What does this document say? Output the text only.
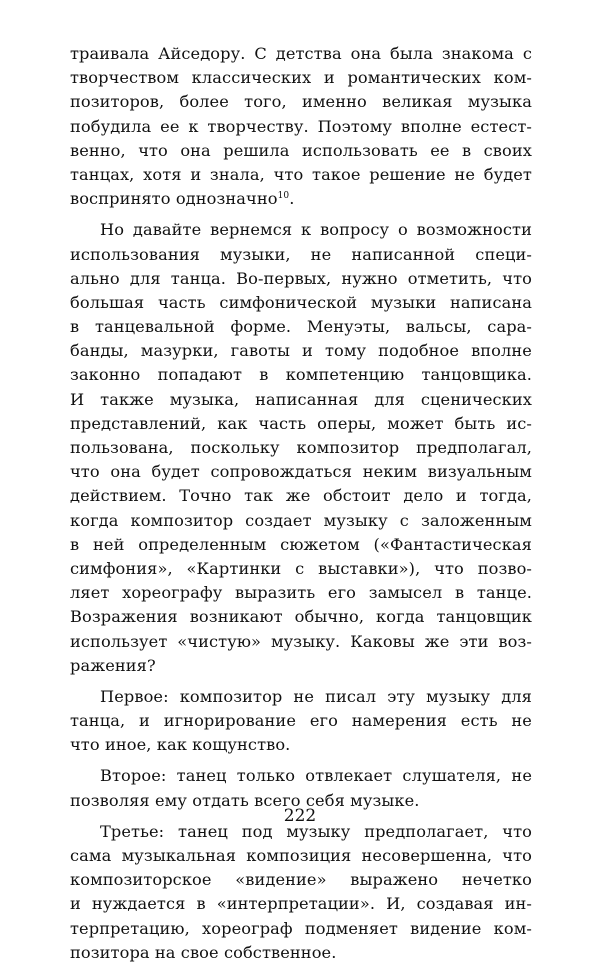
траивала Айседору. С детства она была знакома с
творчеством классических и романтических ком-
позиторов, более того, именно великая музыка
побудила ее к творчеству. Поэтому вполне естест-
венно, что она решила использовать ее в своих
танцах, хотя и знала, что такое решение не будет
воспринято однозначно$^{10}$.
Но давайте вернемся к вопросу о возможности
использования музыки, не написанной специ-
ально для танца. Во-первых, нужно отметить, что
большая часть симфонической музыки написана
в танцевальной форме. Менуэты, вальсы, сара-
банды, мазурки, гавоты и тому подобное вполне
законно попадают в компетенцию танцовщика.
И также музыка, написанная для сценических
представлений, как часть оперы, может быть ис-
пользована, поскольку композитор предполагал,
что она будет сопровождаться неким визуальным
действием. Точно так же обстоит дело и тогда,
когда композитор создает музыку с заложенным
в ней определенным сюжетом («Фантастическая
симфония», «Картинки с выставки»), что позво-
ляет хореографу выразить его замысел в танце.
Возражения возникают обычно, когда танцовщик
использует «чистую» музыку. Каковы же эти воз-
ражения?
Первое: композитор не писал эту музыку для
танца, и игнорирование его намерения есть не
что иное, как кощунство.
Второе: танец только отвлекает слушателя, не
позволяя ему отдать всего себя музыке.
Третье: танец под музыку предполагает, что
сама музыкальная композиция несовершенна, что
композиторское «видение» выражено нечетко
и нуждается в «интерпретации». И, создавая ин-
терпретацию, хореограф подменяет видение ком-
позитора на свое собственное.
222
